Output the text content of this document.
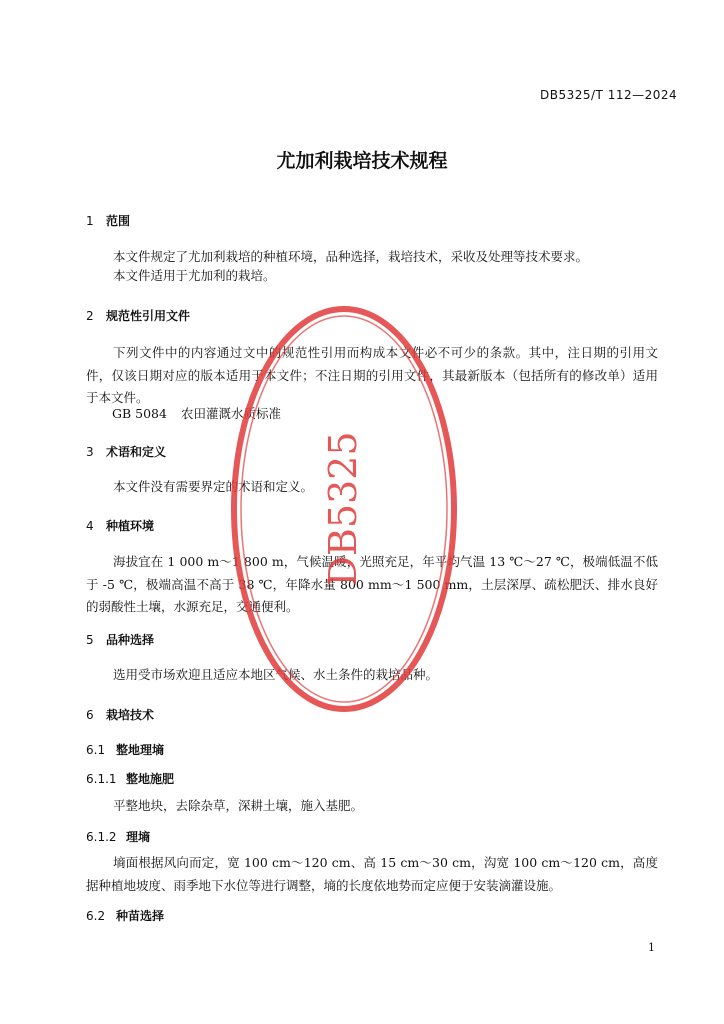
DB5325/T 112—2024
尤加利栽培技术规程
1 范围
本文件规定了尤加利栽培的种植环境，品种选择，栽培技术，采收及处理等技术要求。
本文件适用于尤加利的栽培。
2 规范性引用文件
下列文件中的内容通过文中的规范性引用而构成本文件必不可少的条款。其中，注日期的引用文件，仅该日期对应的版本适用于本文件；不注日期的引用文件，其最新版本（包括所有的修改单）适用于本文件。
GB 5084 农田灌溉水质标准
3 术语和定义
本文件没有需要界定的术语和定义。
4 种植环境
海拔宜在 1 000 m～1 800 m，气候温暖，光照充足，年平均气温 13 ℃～27 ℃，极端低温不低于 -5 ℃，极端高温不高于 38 ℃，年降水量 800 mm～1 500 mm，土层深厚、疏松肥沃、排水良好的弱酸性土壤，水源充足，交通便利。
5 品种选择
选用受市场欢迎且适应本地区气候、水土条件的栽培品种。
6 栽培技术
6.1 整地理墒
6.1.1 整地施肥
平整地块，去除杂草，深耕土壤，施入基肥。
6.1.2 理墒
墒面根据风向而定，宽 100 cm～120 cm、高 15 cm～30 cm，沟宽 100 cm～120 cm，高度据种植地坡度、雨季地下水位等进行调整，墒的长度依地势而定应便于安装滴灌设施。
6.2 种苗选择
1
DB5325
